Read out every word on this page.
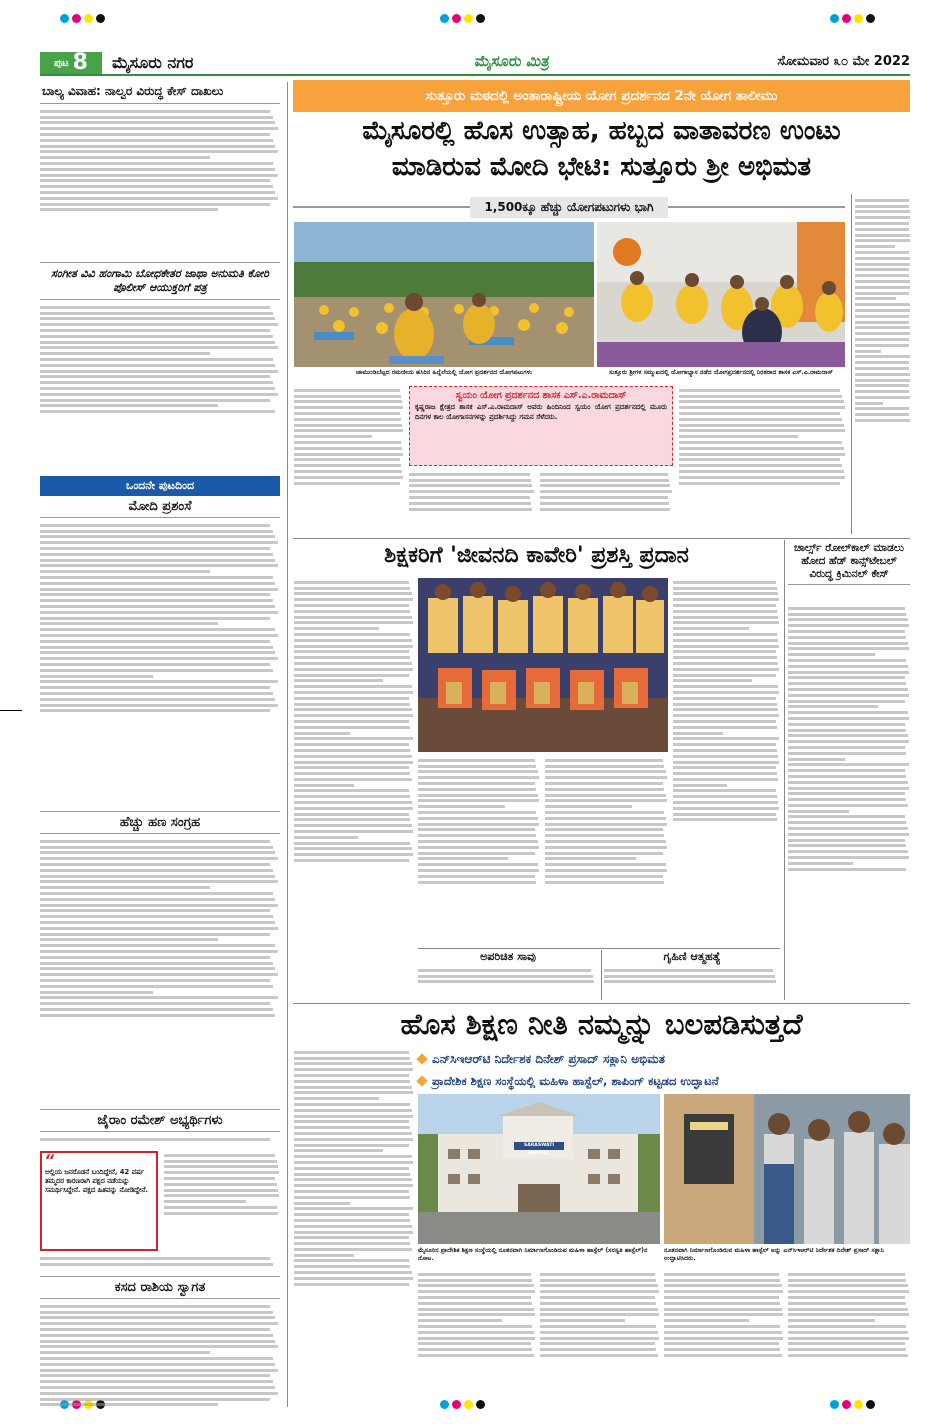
ಪುಟ 8 ಮೈಸೂರು ನಗರ	ಮೈಸೂರು ಮಿತ್ರ	ಸೋಮವಾರ ೩೦ ಮೇ 2022
ಬಾಲ್ಯ ವಿವಾಹ: ನಾಲ್ವರ ವಿರುದ್ಧ ಕೇಸ್ ದಾಖಲು
ಸಂಗೀತ ವಿವಿ ಹಂಗಾಮಿ ಬೋಧಕೇತರ ಜಾಥಾ ಅನುಮತಿ ಕೋರಿ ಪೊಲೀಸ್ ಆಯುಕ್ತರಿಗೆ ಪತ್ರ
ಒಂದನೇ ಪುಟದಿಂದ
ಮೋದಿ ಪ್ರಶಂಸೆ
ಹೆಚ್ಚು ಹಣ ಸಂಗ್ರಹ
ಜೈರಾಂ ರಮೇಶ್ ಅಭ್ಯರ್ಥಿಗಳು
“
ಅಲ್ಲಿಯ ಜನರೊಡನೆ ಬಂದಿದ್ದೇನೆ, 42 ವರ್ಷ ತಮ್ಮದರ ಕಾರಣರಾಗಿ ಪಕ್ಷದ ನಡೆಯನ್ನು ಸಮರ್ಥಿಸಿದ್ದೇನೆ. ಪಕ್ಷದ ಹಿತವನ್ನು ನೋಡಿದ್ದೇನೆ.
ಕಸದ ರಾಶಿಯ ಸ್ವಾಗತ
ಸುತ್ತೂರು ಮಠದಲ್ಲಿ ಅಂತಾರಾಷ್ಟ್ರೀಯ ಯೋಗ ಪ್ರದರ್ಶನದ 2ನೇ ಯೋಗ ತಾಲೀಮು
ಮೈಸೂರಲ್ಲಿ ಹೊಸ ಉತ್ಸಾಹ, ಹಬ್ಬದ ವಾತಾವರಣ ಉಂಟು
ಮಾಡಿರುವ ಮೋದಿ ಭೇಟಿ: ಸುತ್ತೂರು ಶ್ರೀ ಅಭಿಮತ
1,500ಕ್ಕೂ ಹೆಚ್ಚು ಯೋಗಪಟುಗಳು ಭಾಗಿ
ಚಾಮುಂಡಿಬೆಟ್ಟದ ರಮಣೀಯ ಹಸಿರಿನ ಹಿನ್ನೆಲೆಯಲ್ಲಿ ಯೋಗ ಪ್ರದರ್ಶನದ ಯೋಗಪಟುಗಳು	ಸುತ್ತೂರು ಶ್ರೀಗಳ ಸಮ್ಮುಖದಲ್ಲಿ ಯೋಗಾಭ್ಯಾಸ ನಡೆದ ಯೋಗಪ್ರದರ್ಶನದಲ್ಲಿ ನಿರತರಾದ ಶಾಸಕ ಎಸ್.ಎ.ರಾಮದಾಸ್
ಸ್ವಯಂ ಯೋಗ ಪ್ರದರ್ಶನದ ಶಾಸಕ ಎಸ್.ಎ.ರಾಮದಾಸ್
ಕೃಷ್ಣರಾಜ ಕ್ಷೇತ್ರದ ಶಾಸಕ ಎಸ್.ಎ.ರಾಮದಾಸ್ ಅವರು ಹಿಂದಿನಿಂದ ಸ್ವಯಂ ಯೋಗ ಪ್ರದರ್ಶನದಲ್ಲಿ ಮೂರು ದಿನಗಳ ಕಾಲ ಯೋಗಾಸನಗಳನ್ನು ಪ್ರದರ್ಶಿಸಿದ್ದು ಗಮನ ಸೆಳೆದರು.
ಶಿಕ್ಷಕರಿಗೆ 'ಜೀವನದಿ ಕಾವೇರಿ' ಪ್ರಶಸ್ತಿ ಪ್ರದಾನ
ಅಪರಿಚಿತ ಸಾವು	ಗೃಹಿಣಿ ಆತ್ಮಹತ್ಯೆ
ಚಾರ್ಲ್ಸ್ ರೋಲ್‌ಕಾಲ್ ಮಾಡಲು ಹೋದ ಹೆಡ್ ಕಾನ್ಸ್‌ಟೇಬಲ್ ವಿರುದ್ಧ ಕ್ರಿಮಿನಲ್ ಕೇಸ್
ಹೊಸ ಶಿಕ್ಷಣ ನೀತಿ ನಮ್ಮನ್ನು ಬಲಪಡಿಸುತ್ತದೆ
ಎನ್‌ಸಿಇಆರ್‌ಟಿ ನಿರ್ದೇಶಕ ದಿನೇಶ್ ಪ್ರಸಾದ್ ಸಕ್ಲಾನಿ ಅಭಿಮತ
ಪ್ರಾದೇಶಿಕ ಶಿಕ್ಷಣ ಸಂಸ್ಥೆಯಲ್ಲಿ ಮಹಿಳಾ ಹಾಸ್ಟೆಲ್, ಶಾಪಿಂಗ್ ಕಟ್ಟಡದ ಉದ್ಘಾಟನೆ
SARASWATI HOSTEL
ಮೈಸೂರಿನ ಪ್ರಾದೇಶಿಕ ಶಿಕ್ಷಣ ಸಂಸ್ಥೆಯಲ್ಲಿ ನೂತನವಾಗಿ ನಿರ್ಮಾಣಗೊಂಡಿರುವ ಮಹಿಳಾ ಹಾಸ್ಟೆಲ್ (ಸರಸ್ವತಿ ಹಾಸ್ಟೆಲ್)ನ ನೋಟ.
ನೂತನವಾಗಿ ನಿರ್ಮಾಣಗೊಂಡಿರುವ ಮಹಿಳಾ ಹಾಸ್ಟೆಲ್ ಅನ್ನು ಎನ್‌ಸಿಇಆರ್‌ಟಿ ನಿರ್ದೇಶಕ ದಿನೇಶ್ ಪ್ರಸಾದ್ ಸಕ್ಲಾನಿ ಉದ್ಘಾಟಿಸಿದರು.
